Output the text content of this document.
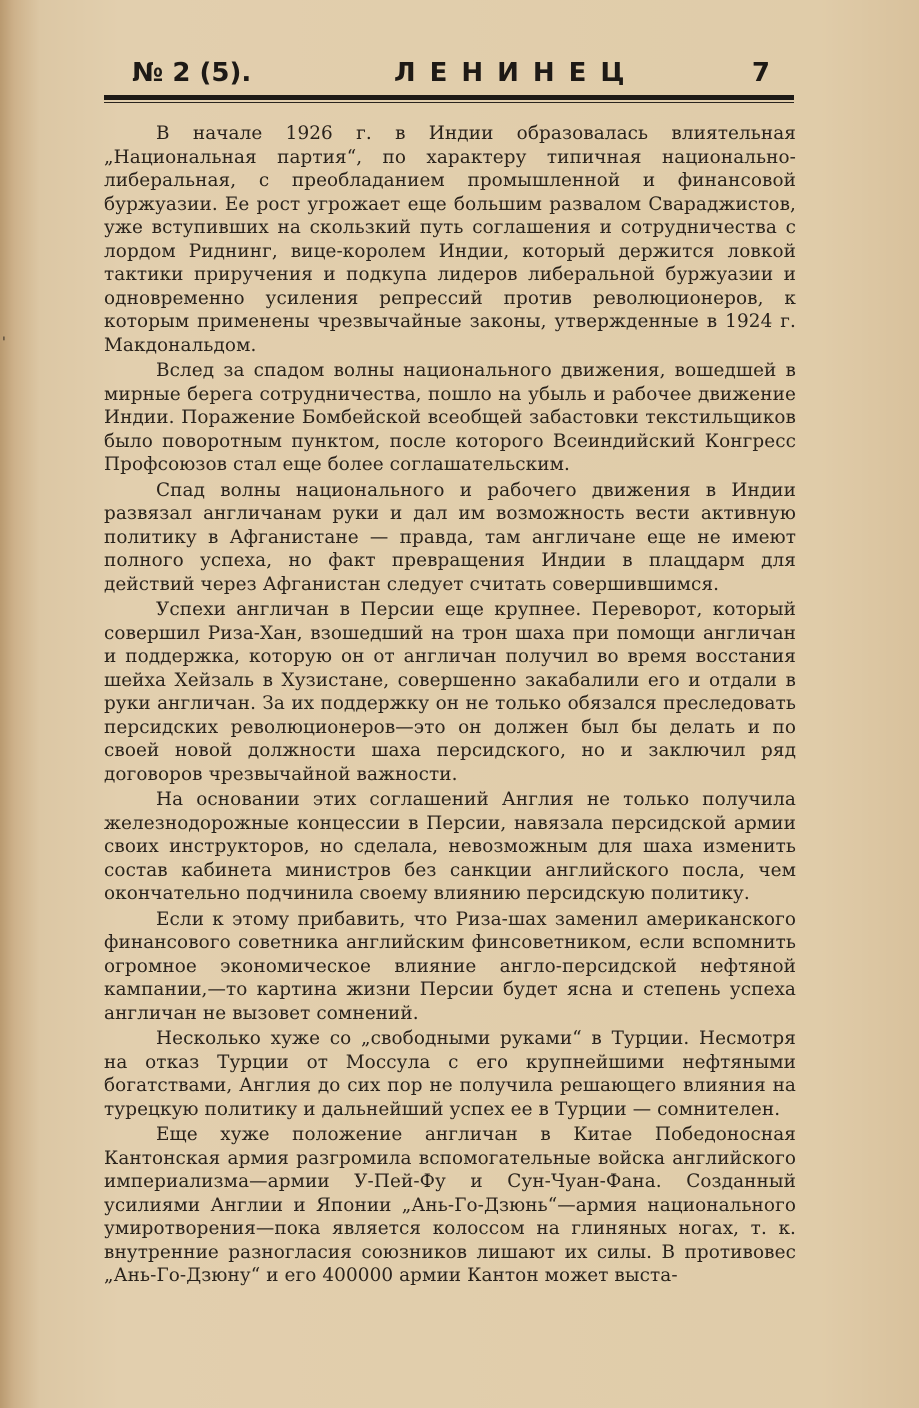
'
№ 2 (5).	ЛЕНИНЕЦ	7

В начале 1926 г. в Индии образовалась влиятельная „Национальная партия“, по характеру типичная национально-либеральная, с преобладанием промышленной и финансовой буржуазии. Ее рост угрожает еще большим развалом Свараджистов, уже вступивших на скользкий путь соглашения и сотрудничества с лордом Риднинг, вице-королем Индии, который держится ловкой тактики приручения и подкупа лидеров либеральной буржуазии и одновременно усиления репрессий против революционеров, к которым применены чрезвычайные законы, утвержденные в 1924 г. Макдональдом.

Вслед за спадом волны национального движения, вошедшей в мирные берега сотрудничества, пошло на убыль и рабочее движение Индии. Поражение Бомбейской всеобщей забастовки текстильщиков было поворотным пунктом, после которого Всеиндийский Конгресс Профсоюзов стал еще более соглашательским.

Спад волны национального и рабочего движения в Индии развязал англичанам руки и дал им возможность вести активную политику в Афганистане — правда, там англичане еще не имеют полного успеха, но факт превращения Индии в плацдарм для действий через Афганистан следует считать совершившимся.

Успехи англичан в Персии еще крупнее. Переворот, который совершил Риза-Хан, взошедший на трон шаха при помощи англичан и поддержка, которую он от англичан получил во время восстания шейха Хейзаль в Хузистане, совершенно закабалили его и отдали в руки англичан. За их поддержку он не только обязался преследовать персидских революционеров—это он должен был бы делать и по своей новой должности шаха персидского, но и заключил ряд договоров чрезвычайной важности.

На основании этих соглашений Англия не только получила железнодорожные концессии в Персии, навязала персидской армии своих инструкторов, но сделала, невозможным для шаха изменить состав кабинета министров без санкции английского посла, чем окончательно подчинила своему влиянию персидскую политику.

Если к этому прибавить, что Риза-шах заменил американского финансового советника английским финсоветником, если вспомнить огромное экономическое влияние англо-персидской нефтяной кампании,—то картина жизни Персии будет ясна и степень успеха англичан не вызовет сомнений.

Несколько хуже со „свободными руками“ в Турции. Несмотря на отказ Турции от Моссула с его крупнейшими нефтяными богатствами, Англия до сих пор не получила решающего влияния на турецкую политику и дальнейший успех ее в Турции — сомнителен.

Еще хуже положение англичан в Китае Победоносная Кантонская армия разгромила вспомогательные войска английского империализма—армии У-Пей-Фу и Сун-Чуан-Фана. Созданный усилиями Англии и Японии „Ань-Го-Дзюнь“—армия национального умиротворения—пока является колоссом на глиняных ногах, т. к. внутренние разногласия союзников лишают их силы. В противовес „Ань-Го-Дзюну“ и его 400000 армии Кантон может выста-
